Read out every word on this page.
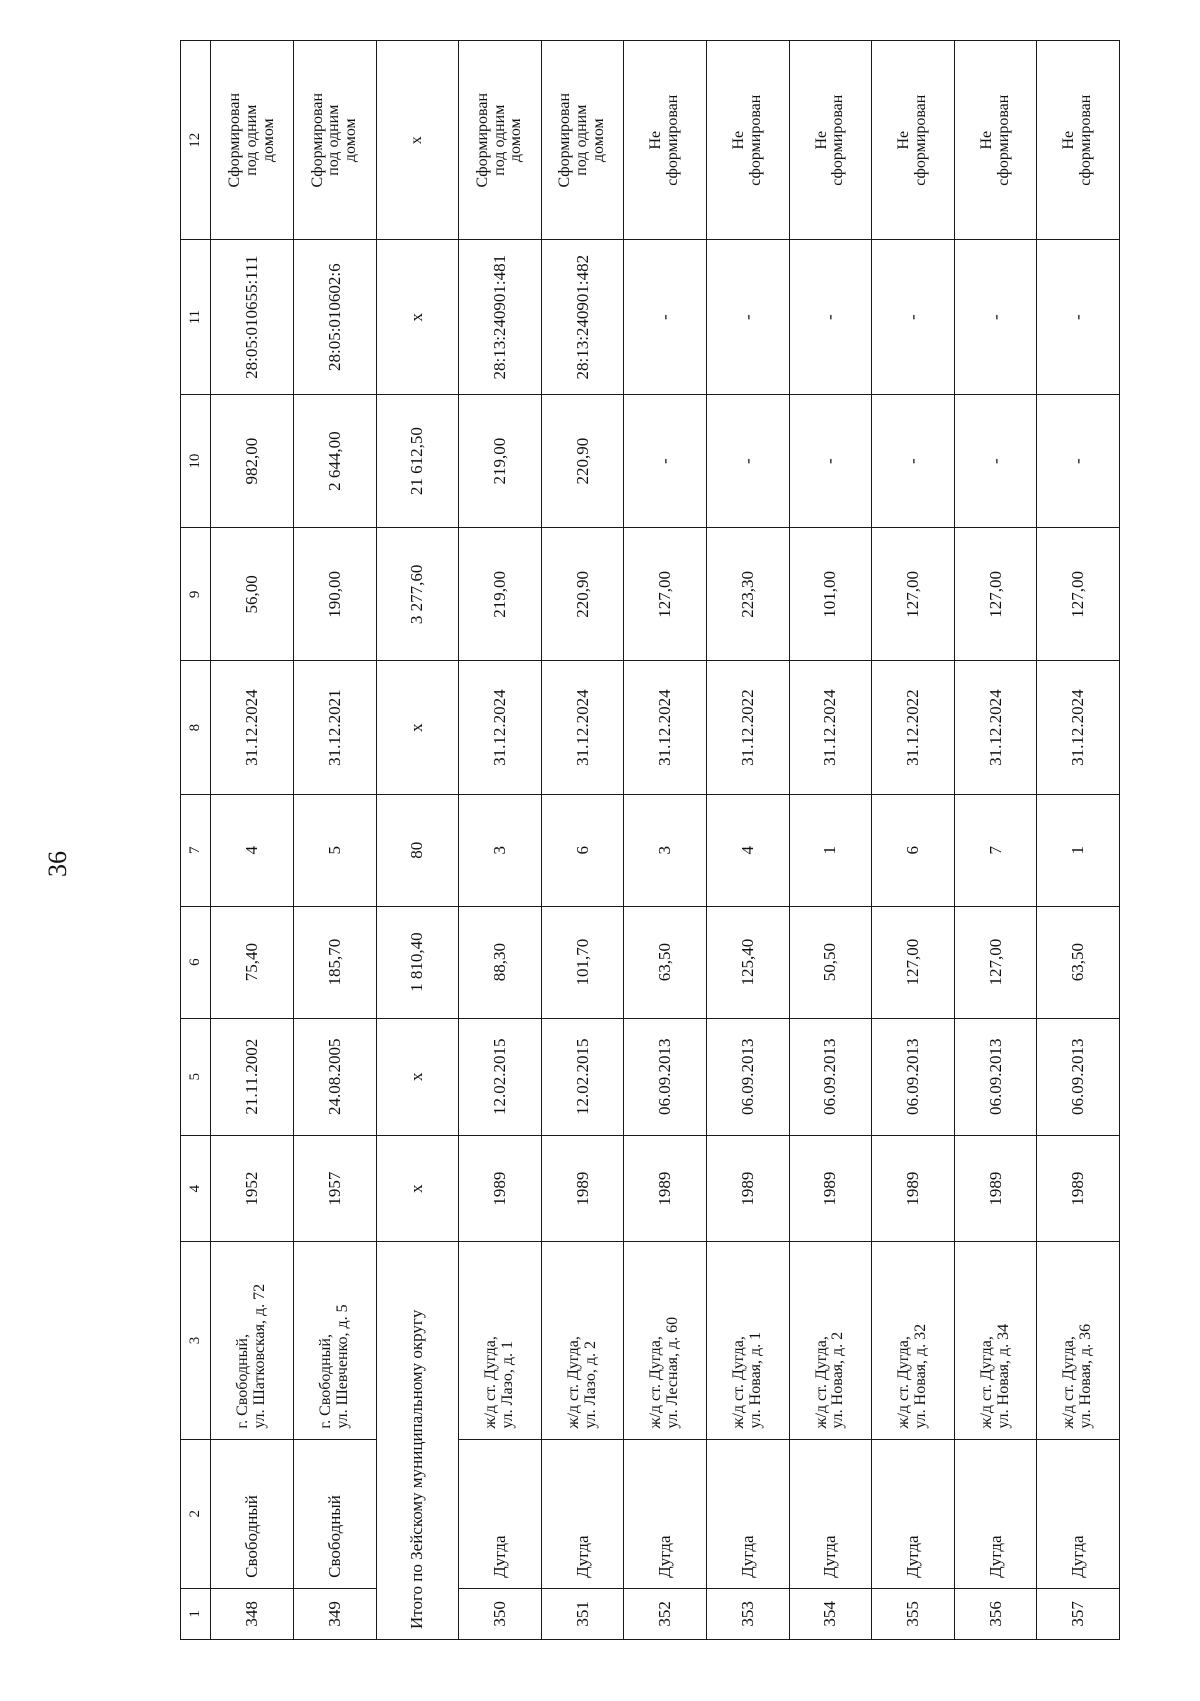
36
1	2	3	4	5	6	7	8	9	10	11	12
348	Свободный	г. Свободный,
ул. Шатковская, д. 72	1952	21.11.2002	75,40	4	31.12.2024	56,00	982,00	28:05:010655:111	Сформирован
под одним
домом
349	Свободный	г. Свободный,
ул. Шевченко, д. 5	1957	24.08.2005	185,70	5	31.12.2021	190,00	2 644,00	28:05:010602:6	Сформирован
под одним
домом
Итого по Зейскому муниципальному округу			х	х	1 810,40	80	х	3 277,60	21 612,50	х	х
350	Дугда	ж/д ст. Дугда,
ул. Лазо, д. 1	1989	12.02.2015	88,30	3	31.12.2024	219,00	219,00	28:13:240901:481	Сформирован
под одним
домом
351	Дугда	ж/д ст. Дугда,
ул. Лазо, д. 2	1989	12.02.2015	101,70	6	31.12.2024	220,90	220,90	28:13:240901:482	Сформирован
под одним
домом
352	Дугда	ж/д ст. Дугда,
ул. Лесная, д. 60	1989	06.09.2013	63,50	3	31.12.2024	127,00	-	-	Не
сформирован
353	Дугда	ж/д ст. Дугда,
ул. Новая, д. 1	1989	06.09.2013	125,40	4	31.12.2022	223,30	-	-	Не
сформирован
354	Дугда	ж/д ст. Дугда,
ул. Новая, д. 2	1989	06.09.2013	50,50	1	31.12.2024	101,00	-	-	Не
сформирован
355	Дугда	ж/д ст. Дугда,
ул. Новая, д. 32	1989	06.09.2013	127,00	6	31.12.2022	127,00	-	-	Не
сформирован
356	Дугда	ж/д ст. Дугда,
ул. Новая, д. 34	1989	06.09.2013	127,00	7	31.12.2024	127,00	-	-	Не
сформирован
357	Дугда	ж/д ст. Дугда,
ул. Новая, д. 36	1989	06.09.2013	63,50	1	31.12.2024	127,00	-	-	Не
сформирован
